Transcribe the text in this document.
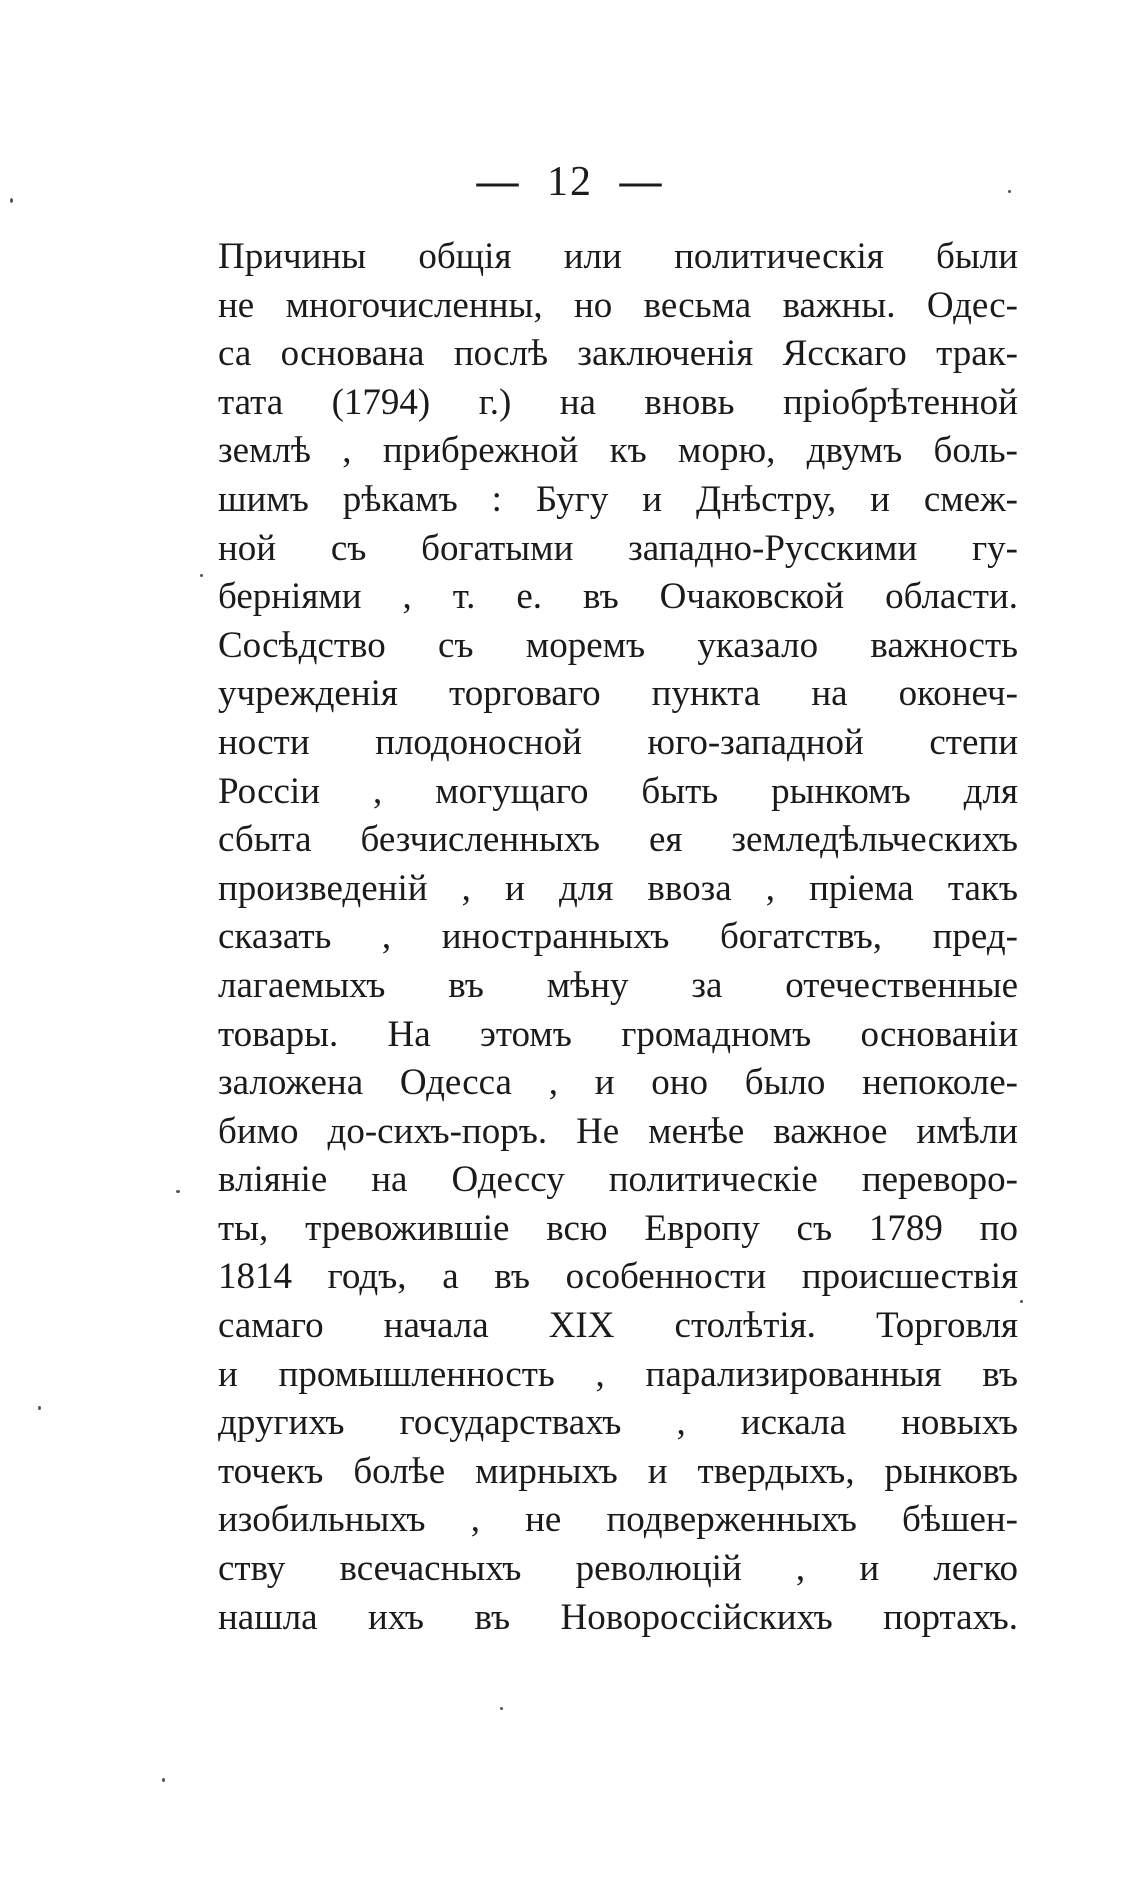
— 12 —
Причины общія или политическія были
не многочисленны, но весьма важны. Одес-
са основана послѣ заключенія Ясскаго трак-
тата (1794) г.) на вновь пріобрѣтенной
землѣ , прибрежной къ морю, двумъ боль-
шимъ рѣкамъ : Бугу и Днѣстру, и смеж-
ной съ богатыми западно-Русскими гу-
берніями , т. е. въ Очаковской области.
Сосѣдство съ моремъ указало важность
учрежденія торговаго пункта на оконеч-
ности плодоносной юго-западной степи
Россіи , могущаго быть рынкомъ для
сбыта безчисленныхъ ея земледѣльческихъ
произведеній , и для ввоза , пріема такъ
сказать , иностранныхъ богатствъ, пред-
лагаемыхъ въ мѣну за отечественные
товары. На этомъ громадномъ основаніи
заложена Одесса , и оно было непоколе-
бимо до-сихъ-поръ. Не менѣе важное имѣли
вліяніе на Одессу политическіе переворо-
ты, тревожившіе всю Европу съ 1789 по
1814 годъ, а въ особенности происшествія
самаго начала XIX столѣтія. Торговля
и промышленность , парализированныя въ
другихъ государствахъ , искала новыхъ
точекъ болѣе мирныхъ и твердыхъ, рынковъ
изобильныхъ , не подверженныхъ бѣшен-
ству всечасныхъ революцій , и легко
нашла ихъ въ Новороссійскихъ портахъ.
